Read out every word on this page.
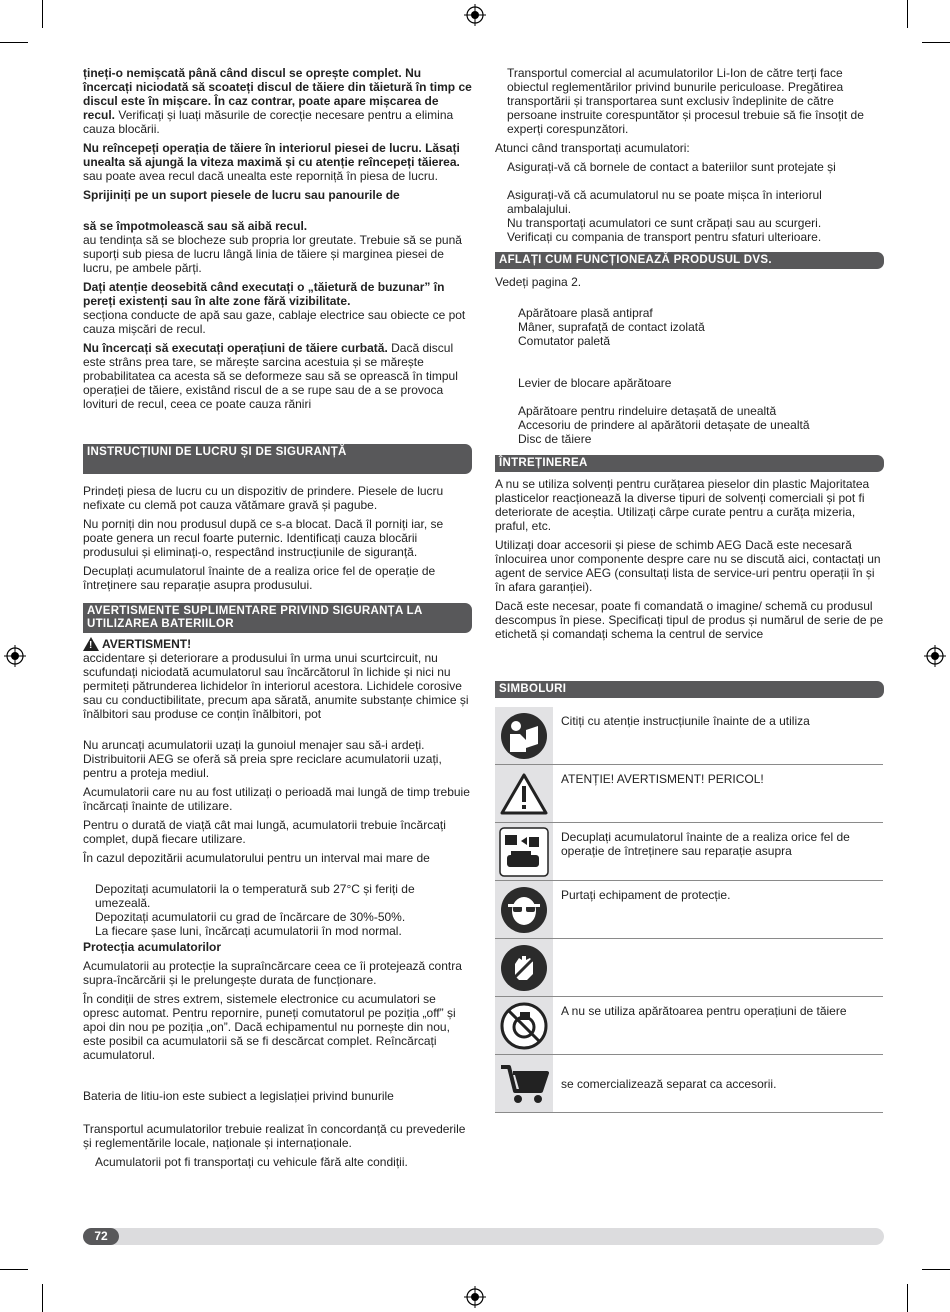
țineți-o nemișcată până când discul se oprește complet. Nu încercați niciodată să scoateți discul de tăiere din tăietură în timp ce discul este în mișcare. În caz contrar, poate apare mișcarea de recul. Verificați și luați măsurile de corecție necesare pentru a elimina cauza blocării.

Nu reîncepeți operația de tăiere în interiorul piesei de lucru. Lăsați unealta să ajungă la viteza maximă și cu atenție reîncepeți tăierea.
sau poate avea recul dacă unealta este reporniță în piesa de lucru.

Sprijiniți pe un suport piesele de lucru sau panourile de

să se împotmolească sau să aibă recul.
au tendința să se blocheze sub propria lor greutate. Trebuie să se pună suporți sub piesa de lucru lângă linia de tăiere și marginea piesei de lucru, pe ambele părți.

Dați atenție deosebită când executați o „tăietură de buzunar” în pereți existenți sau în alte zone fără vizibilitate.
secționa conducte de apă sau gaze, cablaje electrice sau obiecte ce pot cauza mișcări de recul.

Nu încercați să executați operațiuni de tăiere curbată. Dacă discul este strâns prea tare, se mărește sarcina acestuia și se mărește probabilitatea ca acesta să se deformeze sau să se oprească în timpul operației de tăiere, existând riscul de a se rupe sau de a se provoca lovituri de recul, ceea ce poate cauza răniri

INSTRUCȚIUNI DE LUCRU ȘI DE SIGURANȚĂ

Prindeți piesa de lucru cu un dispozitiv de prindere. Piesele de lucru nefixate cu clemă pot cauza vătămare gravă și pagube.

Nu porniți din nou produsul după ce s-a blocat. Dacă îl porniți iar, se poate genera un recul foarte puternic. Identificați cauza blocării produsului și eliminați-o, respectând instrucțiunile de siguranță.

Decuplați acumulatorul înainte de a realiza orice fel de operație de întreținere sau reparație asupra produsului.

AVERTISMENTE SUPLIMENTARE PRIVIND SIGURANȚA LA UTILIZAREA BATERIILOR
!
AVERTISMENT!

accidentare și deteriorare a produsului în urma unui scurtcircuit, nu scufundați niciodată acumulatorul sau încărcătorul în lichide și nici nu permiteți pătrunderea lichidelor în interiorul acestora. Lichidele corosive sau cu conductibilitate, precum apa sărată, anumite substanțe chimice și înălbitori sau produse ce conțin înălbitori, pot

Nu aruncați acumulatorii uzați la gunoiul menajer sau să-i ardeți. Distribuitorii AEG se oferă să preia spre reciclare acumulatorii uzați, pentru a proteja mediul.

Acumulatorii care nu au fost utilizați o perioadă mai lungă de timp trebuie încărcați înainte de utilizare.

Pentru o durată de viață cât mai lungă, acumulatorii trebuie încărcați complet, după fiecare utilizare.

În cazul depozitării acumulatorului pentru un interval mai mare de

Depozitați acumulatorii la o temperatură sub 27°C și feriți de umezeală.
Depozitați acumulatorii cu grad de încărcare de 30%-50%.
La fiecare șase luni, încărcați acumulatorii în mod normal.

Protecția acumulatorilor

Acumulatorii au protecție la supraîncărcare ceea ce îi protejează contra supra-încărcării și le prelungește durata de funcționare.

În condiții de stres extrem, sistemele electronice cu acumulatori se opresc automat. Pentru repornire, puneți comutatorul pe poziția „off” și apoi din nou pe poziția „on”. Dacă echipamentul nu pornește din nou, este posibil ca acumulatorii să se fi descărcat complet. Reîncărcați acumulatorul.

Bateria de litiu-ion este subiect a legislației privind bunurile

Transportul acumulatorilor trebuie realizat în concordanță cu prevederile și reglementările locale, naționale și internaționale.

Acumulatorii pot fi transportați cu vehicule fără alte condiții.
Transportul comercial al acumulatorilor Li-Ion de către terți face obiectul reglementărilor privind bunurile periculoase. Pregătirea transportării și transportarea sunt exclusiv îndeplinite de către persoane instruite corespuntător și procesul trebuie să fie însoțit de experți corespunzători.

Atunci când transportați acumulatori:

Asigurați-vă că bornele de contact a bateriilor sunt protejate și
Asigurați-vă că acumulatorul nu se poate mișca în interiorul ambalajului.
Nu transportați acumulatori ce sunt crăpați sau au scurgeri.
Verificați cu compania de transport pentru sfaturi ulterioare.
AFLAȚI CUM FUNCȚIONEAZĂ PRODUSUL DVS.

Vedeți pagina 2.

Apărătoare plasă antipraf
Mâner, suprafață de contact izolată
Comutator paletă
Levier de blocare apărătoare
Apărătoare pentru rindeluire detașată de unealtă
Accesoriu de prindere al apărătorii detașate de unealtă
Disc de tăiere
ÎNTREȚINEREA

A nu se utiliza solvenți pentru curățarea pieselor din plastic Majoritatea plasticelor reacționează la diverse tipuri de solvenți comerciali și pot fi deteriorate de aceștia. Utilizați cârpe curate pentru a curăța mizeria, praful, etc.

Utilizați doar accesorii și piese de schimb AEG Dacă este necesară înlocuirea unor componente despre care nu se discută aici, contactați un agent de service AEG (consultați lista de service-uri pentru operații în și în afara garanției).

Dacă este necesar, poate fi comandată o imagine/ schemă cu produsul descompus în piese. Specificați tipul de produs și numărul de serie de pe etichetă și comandați schema la centrul de service

SIMBOLURI
	Citiți cu atenție instrucțiunile înainte de a utiliza

	ATENȚIE! AVERTISMENT! PERICOL!

	Decuplați acumulatorul înainte de a realiza orice fel de operație de întreținere sau reparație asupra

	Purtați echipament de protecție.

	A nu se utiliza apărătoarea pentru operațiuni de tăiere

	se comercializează separat ca accesorii.
72
